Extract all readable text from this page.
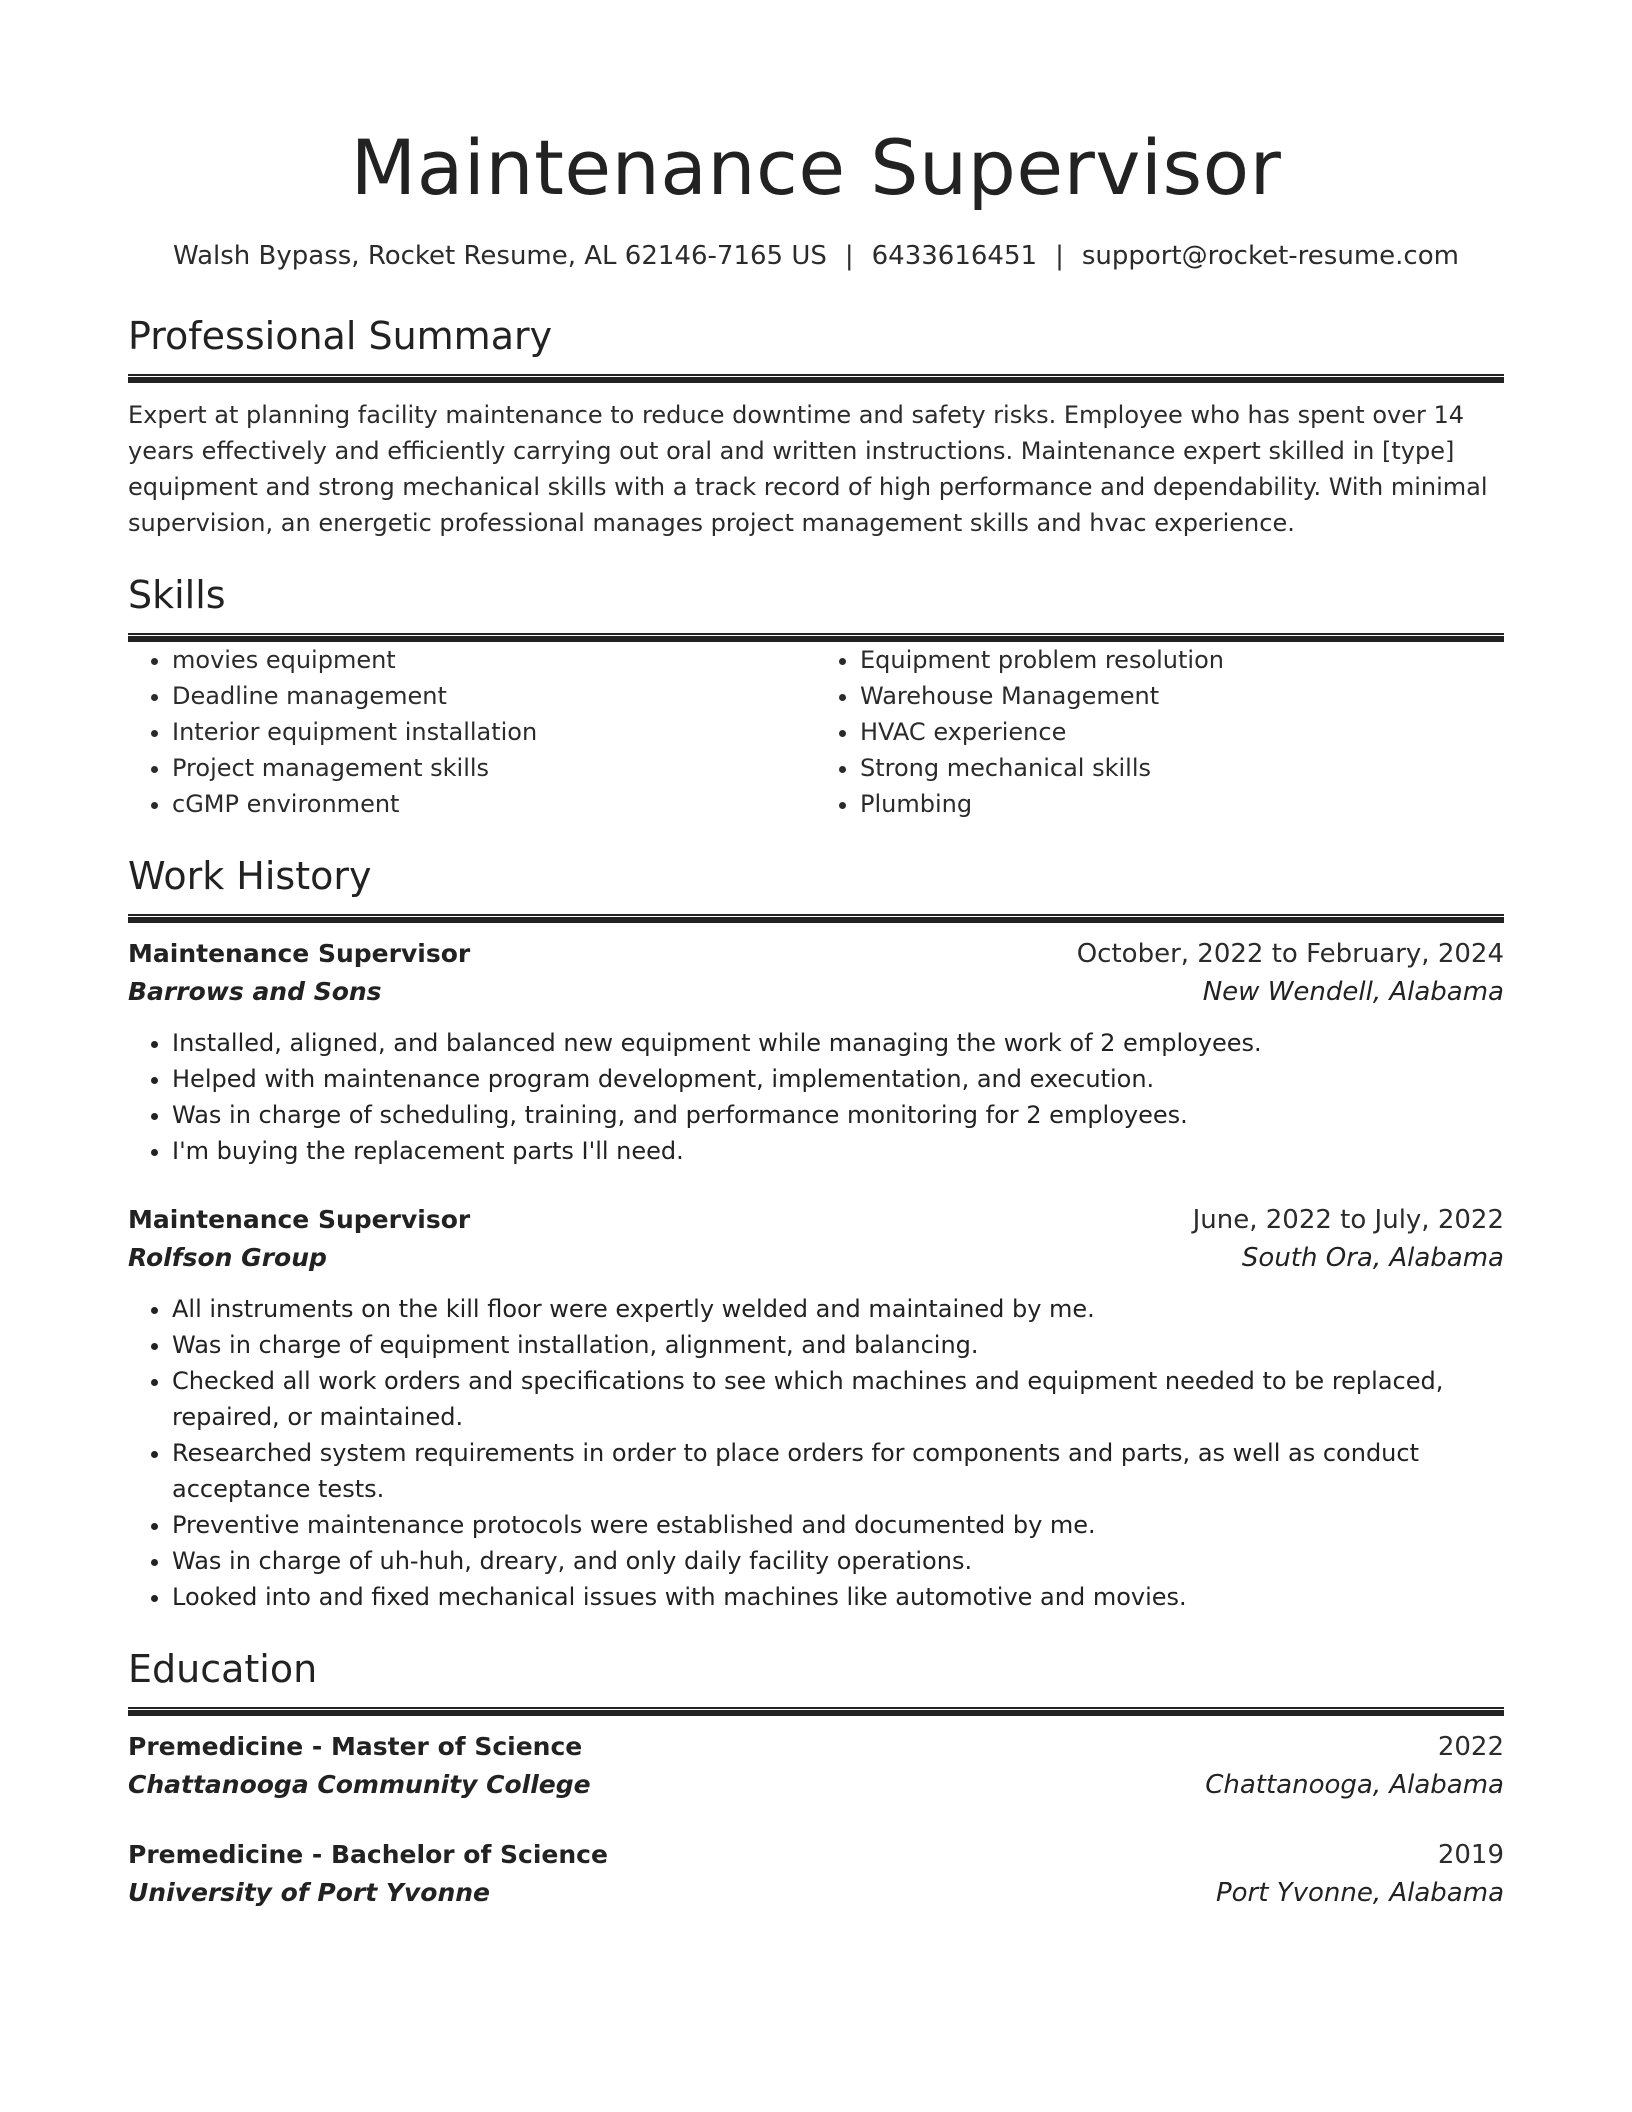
Maintenance Supervisor
Walsh Bypass, Rocket Resume, AL 62146-7165 US | 6433616451 | support@rocket-resume.com
Professional Summary

Expert at planning facility maintenance to reduce downtime and safety risks. Employee who has spent over 14 years effectively and efficiently carrying out oral and written instructions. Maintenance expert skilled in [type] equipment and strong mechanical skills with a track record of high performance and dependability. With minimal supervision, an energetic professional manages project management skills and hvac experience.

Skills
• movies equipment
• Deadline management
• Interior equipment installation
• Project management skills
• cGMP environment
• Equipment problem resolution
• Warehouse Management
• HVAC experience
• Strong mechanical skills
• Plumbing
Work History
Maintenance Supervisor	October, 2022 to February, 2024
Barrows and Sons	New Wendell, Alabama
• Installed, aligned, and balanced new equipment while managing the work of 2 employees.
• Helped with maintenance program development, implementation, and execution.
• Was in charge of scheduling, training, and performance monitoring for 2 employees.
• I'm buying the replacement parts I'll need.
Maintenance Supervisor	June, 2022 to July, 2022
Rolfson Group	South Ora, Alabama
• All instruments on the kill floor were expertly welded and maintained by me.
• Was in charge of equipment installation, alignment, and balancing.
• Checked all work orders and specifications to see which machines and equipment needed to be replaced, repaired, or maintained.
• Researched system requirements in order to place orders for components and parts, as well as conduct acceptance tests.
• Preventive maintenance protocols were established and documented by me.
• Was in charge of uh-huh, dreary, and only daily facility operations.
• Looked into and fixed mechanical issues with machines like automotive and movies.
Education
Premedicine - Master of Science	2022
Chattanooga Community College	Chattanooga, Alabama
Premedicine - Bachelor of Science	2019
University of Port Yvonne	Port Yvonne, Alabama
